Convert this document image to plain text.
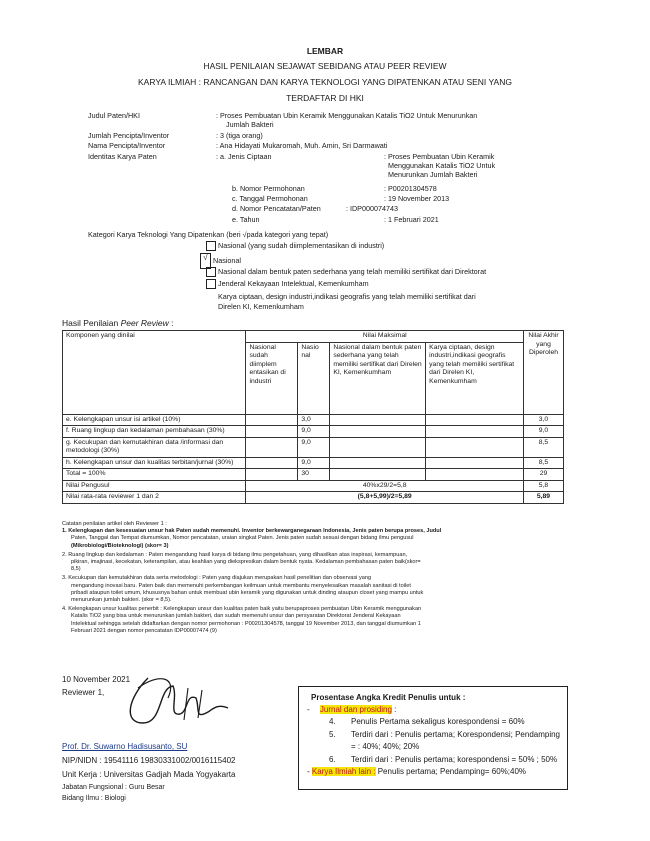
LEMBAR
HASIL PENILAIAN SEJAWAT SEBIDANG ATAU PEER REVIEW
KARYA ILMIAH : RANCANGAN DAN KARYA TEKNOLOGI YANG DIPATENKAN ATAU SENI YANG
TERDAFTAR DI HKI
Judul Paten/HKI	: Proses Pembuatan Ubin Keramik Menggunakan Katalis TiO2 Untuk Menurunkan
Jumlah Bakteri
Jumlah Pencipta/Inventor	: 3 (tiga orang)
Nama Pencipta/Inventor	: Ana Hidayati Mukaromah, Muh. Amin, Sri Darmawati
Identitas Karya Paten	: a. Jenis Ciptaan	: Proses Pembuatan Ubin Keramik
Menggunakan Katalis TiO2 Untuk
Menurunkan Jumlah Bakteri
b. Nomor Permohonan	: P00201304578
c. Tanggal Permohonan	: 19 November 2013
d. Nomor Pencatatan/Paten	: IDP000074743
e. Tahun	: 1 Februari 2021
Kategori Karya Teknologi Yang Dipatenkan (beri √pada kategori yang tepat)
Nasional (yang sudah diimplementasikan di industri)
√ Nasional
Nasional dalam bentuk paten sederhana yang telah memiliki sertifikat dari Direktorat
Jenderal Kekayaan Intelektual, Kemenkumham
Karya ciptaan, design industri,indikasi geografis yang telah memiliki sertifikat dari
Direlen KI, Kemenkumham
Hasil Penilaian Peer Review :
Komponen yang dinilai	Nilai Maksimal				Nilai Akhir yang Diperoleh
	Nasional sudah diimplem entasikan di industri	Nasio nal	Nasional dalam bentuk paten sederhana yang telah memiliki sertifikat dari Direlen KI, Kemenkumham	Karya ciptaan, design industri,indikasi geografis yang telah memiliki sertifikat dari Direlen KI, Kemenkumham	
e. Kelengkapan unsur isi artikel (10%)		3,0			3,0
f. Ruang lingkup dan kedalaman pembahasan (30%)		9,0			9,0
g. Kecukupan dan kemutakhiran data /informasi dan metodologi (30%)		9,0			8,5
h. Kelengkapan unsur dan kualitas terbitan/jurnal (30%)		9,0			8,5
Total = 100%		30			29
Nilai Pengusul	40%x29/2=5,8				5,8
Nilai rata-rata reviewer 1 dan 2	(5,8+5,99)/2=5,89				5,89
Catatan penilaian artikel oleh Reviewer 1 :
1. Kelengkapan dan kesesuaian unsur hak Paten sudah memenuhi. Inventor berkewarganegaraan Indonesia, Jenis paten berupa proses, Judul
Paten, Tanggal dan Tempat diumumkan, Nomor pencatatan, uraian singkat Paten. Jenis paten sudah sesuai dengan bidang ilmu pengusul
(Mikrobiologi/Bioteknologi) (skor= 3)
2. Ruang lingkup dan kedalaman : Paten mengandung hasil karya di bidang ilmu pengetahuan, yang dihasilkan atas inspirasi, kemampuan,
pikiran, imajinasi, kecekatan, keterampilan, atau keahlian yang diekspresikan dalam bentuk nyata. Kedalaman pembahasan paten baik(skor=
8,5)
3. Kecukupan dan kemutakhiran data serta metodologi : Paten yang diajukan merupakan hasil penelitian dan observasi yang
mengandung inovasi baru. Paten baik dan memenuhi perkembangan keilmuan untuk membantu menyelesaikan masalah sanitasi di toilet
pribadi ataupun toilet umum, khususnya bahan untuk membuat ubin keramik yang digunakan untuk dinding ataupun closet yang mampu untuk
menurunkan jumlah bakteri. (skor = 8,5).
4. Kelengkapan unsur kualitas penerbit : Kelengkapan unsur dan kualitas paten baik yaitu berupaproses pembuatan Ubin Keramik menggunakan
Katalis TiO2 yang bisa untuk menurunkan jumlah bakteri, dan sudah memenuhi unsur dan persyaratan Direktorat Jenderal Kekayaan
Intelektual sehingga setelah didaftarkan dengan nomor permohonan : P00201304578, tanggal 19 November 2013, dan tanggal diumumkan 1
Februari 2021 dengan nomor pencatatan IDP00007474 (9)
10 November 2021
Reviewer 1,
Prof. Dr. Suwarno Hadisusanto, SU
NIP/NIDN : 19541116 19830331002/0016115402
Unit Kerja : Universitas Gadjah Mada Yogyakarta
Jabatan Fungsional : Guru Besar
Bidang Ilmu : Biologi
Prosentase Angka Kredit Penulis untuk :
- Jurnal dan prosiding :
4. Penulis Pertama sekaligus korespondensi = 60%
5. Terdiri dari : Penulis pertama; Korespondensi; Pendamping
= : 40%; 40%; 20%
6. Terdiri dari : Penulis pertama; korespondensi = 50% ; 50%
- Karya Ilmiah lain : Penulis pertama; Pendamping= 60%;40%
